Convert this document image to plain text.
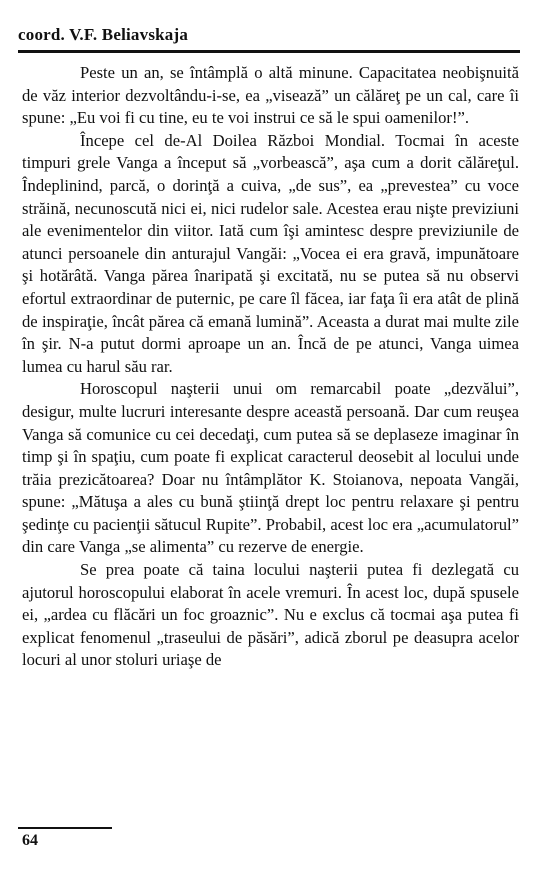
coord. V.F. Beliavskaja

Peste un an, se întâmplă o altă minune. Capacitatea neobişnuită de văz interior dezvoltându-i-se, ea „visează” un călăreţ pe un cal, care îi spune: „Eu voi fi cu tine, eu te voi instrui ce să le spui oamenilor!”.

Începe cel de-Al Doilea Război Mondial. Tocmai în aceste timpuri grele Vanga a început să „vorbească”, aşa cum a dorit călăreţul. Îndeplinind, parcă, o dorinţă a cuiva, „de sus”, ea „prevestea” cu voce străină, necunoscută nici ei, nici rudelor sale. Acestea erau nişte previziuni ale evenimentelor din viitor. Iată cum îşi amintesc despre previziunile de atunci persoanele din anturajul Vangăi: „Vocea ei era gravă, impunătoare şi hotărâtă. Vanga părea înaripată şi excitată, nu se putea să nu observi efortul extraordinar de puternic, pe care îl făcea, iar faţa îi era atât de plină de inspiraţie, încât părea că emană lumină”. Aceasta a durat mai multe zile în şir. N-a putut dormi aproape un an. Încă de pe atunci, Vanga uimea lumea cu harul său rar.

Horoscopul naşterii unui om remarcabil poate „dezvălui”, desigur, multe lucruri interesante despre această persoană. Dar cum reuşea Vanga să comunice cu cei decedaţi, cum putea să se deplaseze imaginar în timp şi în spaţiu, cum poate fi explicat caracterul deosebit al locului unde trăia prezicătoarea? Doar nu întâmplător K. Stoianova, nepoata Vangăi, spune: „Mătuşa a ales cu bună ştiinţă drept loc pentru relaxare şi pentru şedinţe cu pacienţii sătucul Rupite”. Probabil, acest loc era „acumulatorul” din care Vanga „se alimenta” cu rezerve de energie.

Se prea poate că taina locului naşterii putea fi dezlegată cu ajutorul horoscopului elaborat în acele vremuri. În acest loc, după spusele ei, „ardea cu flăcări un foc groaznic”. Nu e exclus că tocmai aşa putea fi explicat fenomenul „traseului de păsări”, adică zborul pe deasupra acelor locuri al unor stoluri uriaşe de

64
